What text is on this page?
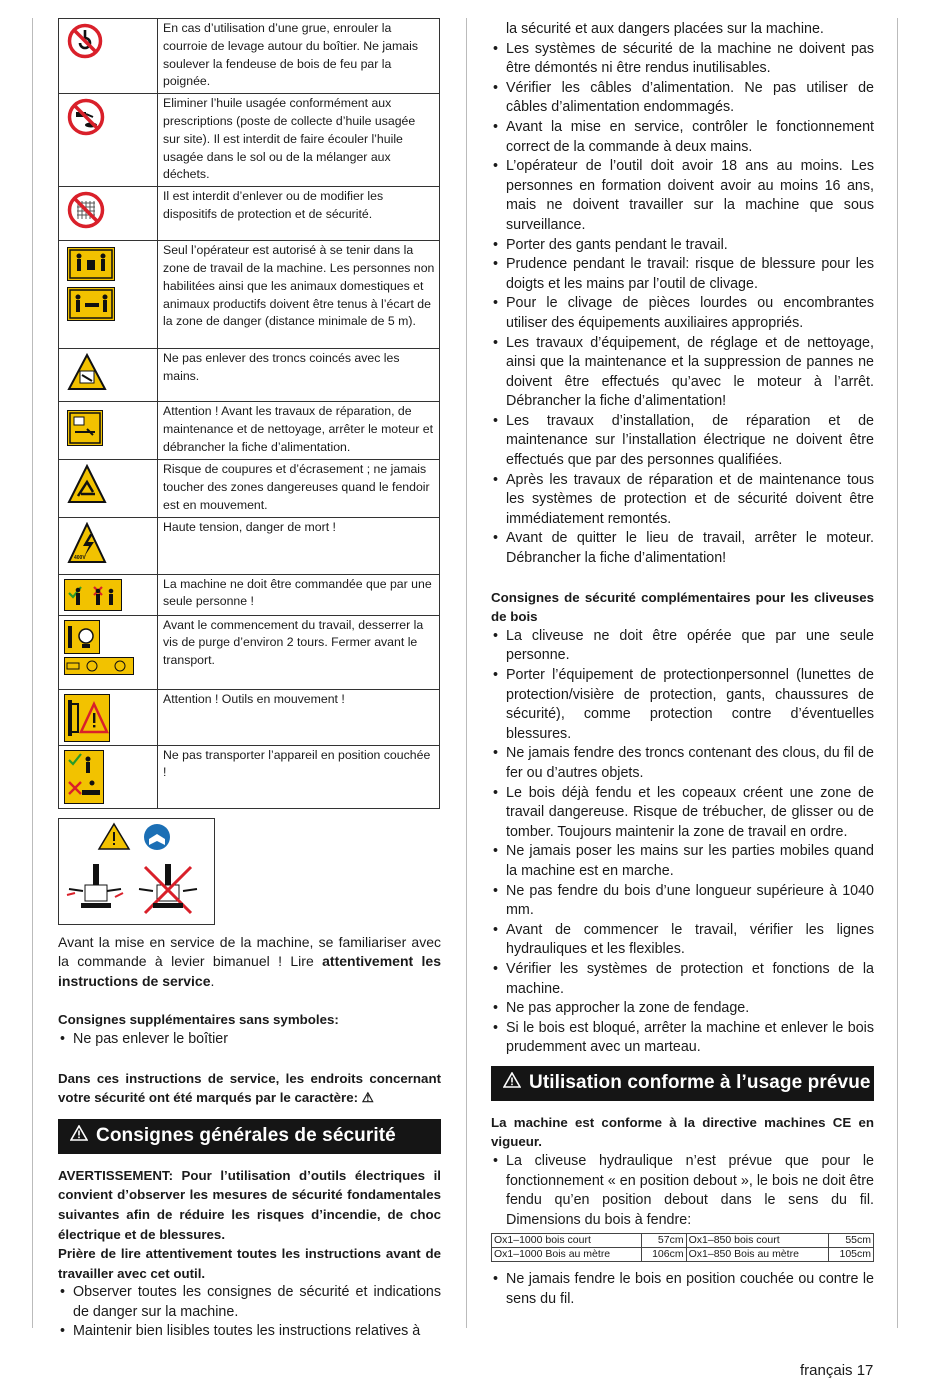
	En cas d’utilisation d’une grue, enrouler la courroie de levage autour du boîtier. Ne jamais soulever la fendeuse de bois de feu par la poignée.

	Eliminer l’huile usagée conformément aux prescriptions (poste de collecte d’huile usagée sur site). Il est interdit de faire écouler l’huile usagée dans le sol ou de la mélanger aux déchets.

	Il est interdit d’enlever ou de modifier les dispositifs de protection et de sécurité.

	Seul l’opérateur est autorisé à se tenir dans la zone de travail de la machine. Les personnes non habilitées ainsi que les animaux domestiques et animaux productifs doivent être tenus à l’écart de la zone de danger (distance minimale de 5 m).

	Ne pas enlever des troncs coincés avec les mains.

	Attention ! Avant les travaux de réparation, de maintenance et de nettoyage, arrêter le moteur et débrancher la fiche d’alimentation.

	Risque de coupures et d’écrasement ; ne jamais toucher des zones dangereuses quand le fendoir est en mouvement.

400V	Haute tension, danger de mort !

	La machine ne doit être commandée que par une seule personne !

	Avant le commencement du travail, desserrer la vis de purge d’environ 2 tours. Fermer avant le transport.

	Attention ! Outils en mouvement !

	Ne pas transporter l’appareil en position couchée !
Avant la mise en service de la machine, se familiariser avec la commande à levier bimanuel ! Lire attentivement les instructions de service.
Consignes supplémentaires sans symboles:
• Ne pas enlever le boîtier
Dans ces instructions de service, les endroits concernant votre sécurité ont été marqués par le caractère: ⚠
Consignes générales de sécurité
AVERTISSEMENT: Pour l’utilisation d’outils électriques il convient d’observer les mesures de sécurité fondamentales suivantes afin de réduire les risques d’incendie, de choc électrique et de blessures.
Prière de lire attentivement toutes les instructions avant de travailler avec cet outil.
• Observer toutes les consignes de sécurité et indications de danger sur la machine.
• Maintenir bien lisibles toutes les instructions relatives à
la sécurité et aux dangers placées sur la machine.
• Les systèmes de sécurité de la machine ne doivent pas être démontés ni être rendus inutilisables.
• Vérifier les câbles d’alimentation. Ne pas utiliser de câbles d’alimentation endommagés.
• Avant la mise en service, contrôler le fonctionnement correct de la commande à deux mains.
• L’opérateur de l’outil doit avoir 18 ans au moins. Les personnes en formation doivent avoir au moins 16 ans, mais ne doivent travailler sur la machine que sous surveillance.
• Porter des gants pendant le travail.
• Prudence pendant le travail: risque de blessure pour les doigts et les mains par l’outil de clivage.
• Pour le clivage de pièces lourdes ou encombrantes utiliser des équipements auxiliaires appropriés.
• Les travaux d’équipement, de réglage et de nettoyage, ainsi que la maintenance et la suppression de pannes ne doivent être effectués qu’avec le moteur à l’arrêt. Débrancher la fiche d’alimentation!
• Les travaux d’installation, de réparation et de maintenance sur l’installation électrique ne doivent être effectués que par des personnes qualifiées.
• Après les travaux de réparation et de maintenance tous les systèmes de protection et de sécurité doivent être immédiatement remontés.
• Avant de quitter le lieu de travail, arrêter le moteur. Débrancher la fiche d’alimentation!
Consignes de sécurité complémentaires pour les cliveuses de bois
• La cliveuse ne doit être opérée que par une seule personne.
• Porter l’équipement de protectionpersonnel (lunettes de protection/visière de protection, gants, chaussures de sécurité), comme protection contre d’éventuelles blessures.
• Ne jamais fendre des troncs contenant des clous, du fil de fer ou d’autres objets.
• Le bois déjà fendu et les copeaux créent une zone de travail dangereuse. Risque de trébucher, de glisser ou de tomber. Toujours maintenir la zone de travail en ordre.
• Ne jamais poser les mains sur les parties mobiles quand la machine est en marche.
• Ne pas fendre du bois d’une longueur supérieure à 1040 mm.
• Avant de commencer le travail, vérifier les lignes hydrauliques et les flexibles.
• Vérifier les systèmes de protection et fonctions de la machine.
• Ne pas approcher la zone de fendage.
• Si le bois est bloqué, arrêter la machine et enlever le bois prudemment avec un marteau.
Utilisation conforme à l’usage prévue
La machine est conforme à la directive machines CE en vigueur.
• La cliveuse hydraulique n’est prévue que pour le fonctionnement « en position debout », le bois ne doit être fendu qu’en position debout dans le sens du fil. Dimensions du bois à fendre:
Ox1–1000 bois court	57cm	Ox1–850 bois court	55cm
Ox1–1000 Bois au mètre	106cm	Ox1–850 Bois au mètre	105cm
• Ne jamais fendre le bois en position couchée ou contre le sens du fil.
français 17
